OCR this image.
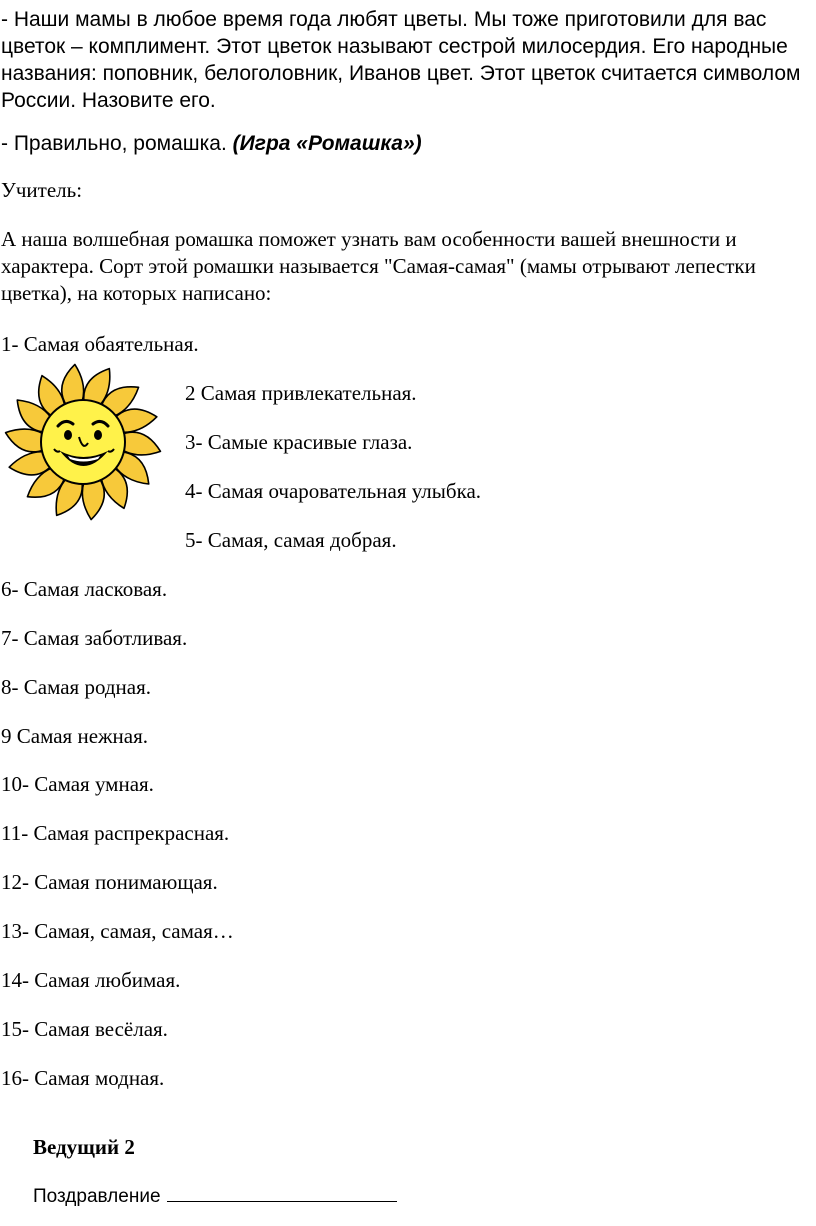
- Наши мамы в любое время года любят цветы. Мы тоже приготовили для вас цветок – комплимент. Этот цветок называют сестрой милосердия. Его народные названия: поповник, белоголовник, Иванов цвет. Этот цветок считается символом России. Назовите его.
- Правильно, ромашка. (Игра «Ромашка»)
Учитель:
А наша волшебная ромашка поможет узнать вам особенности вашей внешности и характера. Сорт этой ромашки называется "Самая-самая" (мамы отрывают лепестки цветка), на которых написано:
1- Самая обаятельная.
2 Самая привлекательная.
3- Самые красивые глаза.
4- Самая очаровательная улыбка.
5- Самая, самая добрая.
6- Самая ласковая.
7- Самая заботливая.
8- Самая родная.
9 Самая нежная.
10- Самая умная.
11- Самая распрекрасная.
12- Самая понимающая.
13- Самая, самая, самая…
14- Самая любимая.
15- Самая весёлая.
16- Самая модная.
Ведущий 2
Поздравление
